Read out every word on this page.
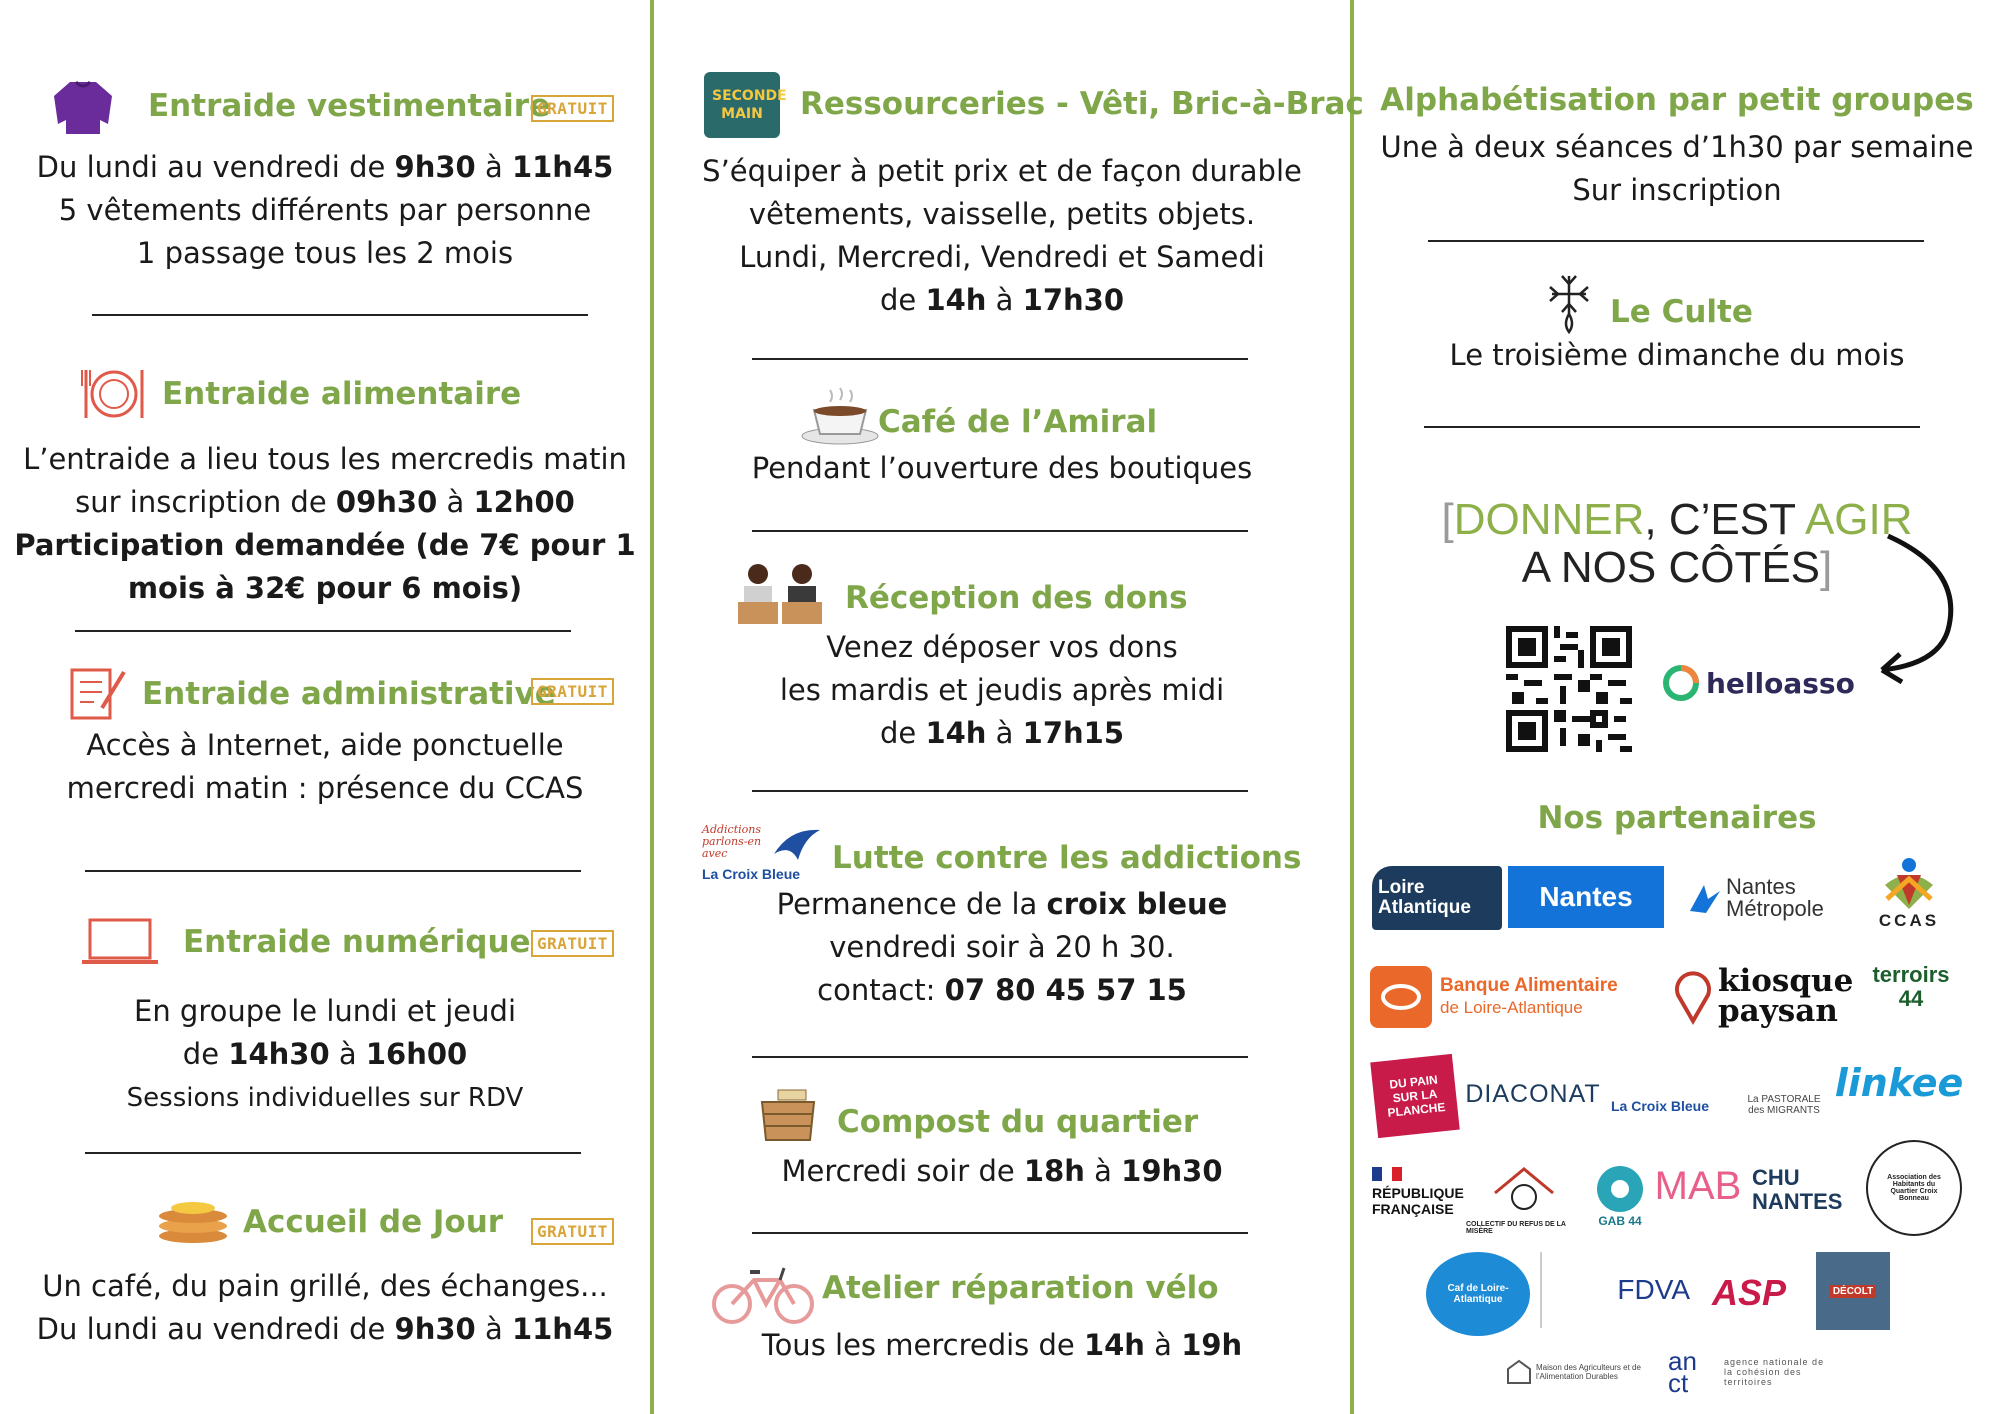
Entraide vestimentaire
GRATUIT
Du lundi au vendredi de 9h30 à 11h45
5 vêtements différents par personne
1 passage tous les 2 mois
Entraide alimentaire
L’entraide a lieu tous les mercredis matin
sur inscription de 09h30 à 12h00
Participation demandée (de 7€ pour 1
mois à 32€ pour 6 mois)
Entraide administrative
GRATUIT
Accès à Internet, aide ponctuelle
mercredi matin : présence du CCAS
Entraide numérique GRATUIT
En groupe le lundi et jeudi
de 14h30 à 16h00
Sessions individuelles sur RDV
Accueil de Jour	GRATUIT
Un café, du pain grillé, des échanges...
Du lundi au vendredi de 9h30 à 11h45
SECONDE MAIN Ressourceries - Vêti, Bric-à-Brac
S’équiper à petit prix et de façon durable
vêtements, vaisselle, petits objets.
Lundi, Mercredi, Vendredi et Samedi
de 14h à 17h30
Café de l’Amiral
Pendant l’ouverture des boutiques
Réception des dons
Venez déposer vos dons
les mardis et jeudis après midi
de 14h à 17h15
Addictions parlons-en avec
La Croix Bleue	Lutte contre les addictions
Permanence de la croix bleue
vendredi soir à 20 h 30.
contact: 07 80 45 57 15
Compost du quartier
Mercredi soir de 18h à 19h30
Atelier réparation vélo
Tous les mercredis de 14h à 19h
Alphabétisation par petit groupes
Une à deux séances d’1h30 par semaine
Sur inscription
Le Culte
Le troisième dimanche du mois
[DONNER, C’EST AGIR
A NOS CÔTÉS]
helloasso
Nos partenaires
Loire Atlantique	Nantes	Nantes Métropole	CCAS
Banque Alimentaire
de Loire-Atlantique
kiosque
paysan
terroirs 44
DU PAIN SUR LA PLANCHE
DIACONAT La Croix Bleue	La PASTORALE des MIGRANTS
linkee
RÉPUBLIQUE
FRANÇAISE
COLLECTIF DU REFUS DE LA MISÈRE
GAB 44
MAB CHU
NANTES
Association des Habitants du Quartier Croix Bonneau
Caf de Loire-Atlantique	FDVA ASP	DÉCOLT
Maison des Agriculteurs et de l’Alimentation Durables
an ct
agence nationale de la cohésion des territoires
